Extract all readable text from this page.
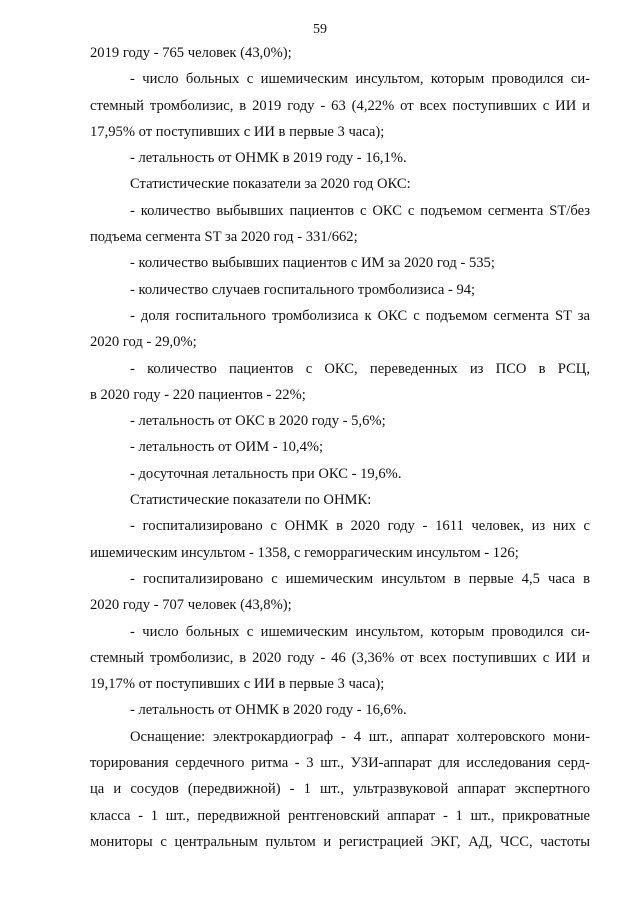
59
2019 году - 765 человек (43,0%);
- число больных с ишемическим инсультом, которым проводился си-
стемный тромболизис, в 2019 году - 63 (4,22% от всех поступивших с ИИ и
17,95% от поступивших с ИИ в первые 3 часа);
- летальность от ОНМК в 2019 году - 16,1%.
Статистические показатели за 2020 год ОКС:
- количество выбывших пациентов с ОКС с подъемом сегмента ST/без
подъема сегмента ST за 2020 год - 331/662;
- количество выбывших пациентов с ИМ за 2020 год - 535;
- количество случаев госпитального тромболизиса - 94;
- доля госпитального тромболизиса к ОКС с подъемом сегмента ST за
2020 год - 29,0%;
- количество пациентов с ОКС, переведенных из ПСО в РСЦ,
в 2020 году - 220 пациентов - 22%;
- летальность от ОКС в 2020 году - 5,6%;
- летальность от ОИМ - 10,4%;
- досуточная летальность при ОКС - 19,6%.
Статистические показатели по ОНМК:
- госпитализировано с ОНМК в 2020 году - 1611 человек, из них с
ишемическим инсультом - 1358, с геморрагическим инсультом - 126;
- госпитализировано с ишемическим инсультом в первые 4,5 часа в
2020 году - 707 человек (43,8%);
- число больных с ишемическим инсультом, которым проводился си-
стемный тромболизис, в 2020 году - 46 (3,36% от всех поступивших с ИИ и
19,17% от поступивших с ИИ в первые 3 часа);
- летальность от ОНМК в 2020 году - 16,6%.
Оснащение: электрокардиограф - 4 шт., аппарат холтеровского мони-
торирования сердечного ритма - 3 шт., УЗИ-аппарат для исследования серд-
ца и сосудов (передвижной) - 1 шт., ультразвуковой аппарат экспертного
класса - 1 шт., передвижной рентгеновский аппарат - 1 шт., прикроватные
мониторы с центральным пультом и регистрацией ЭКГ, АД, ЧСС, частоты
